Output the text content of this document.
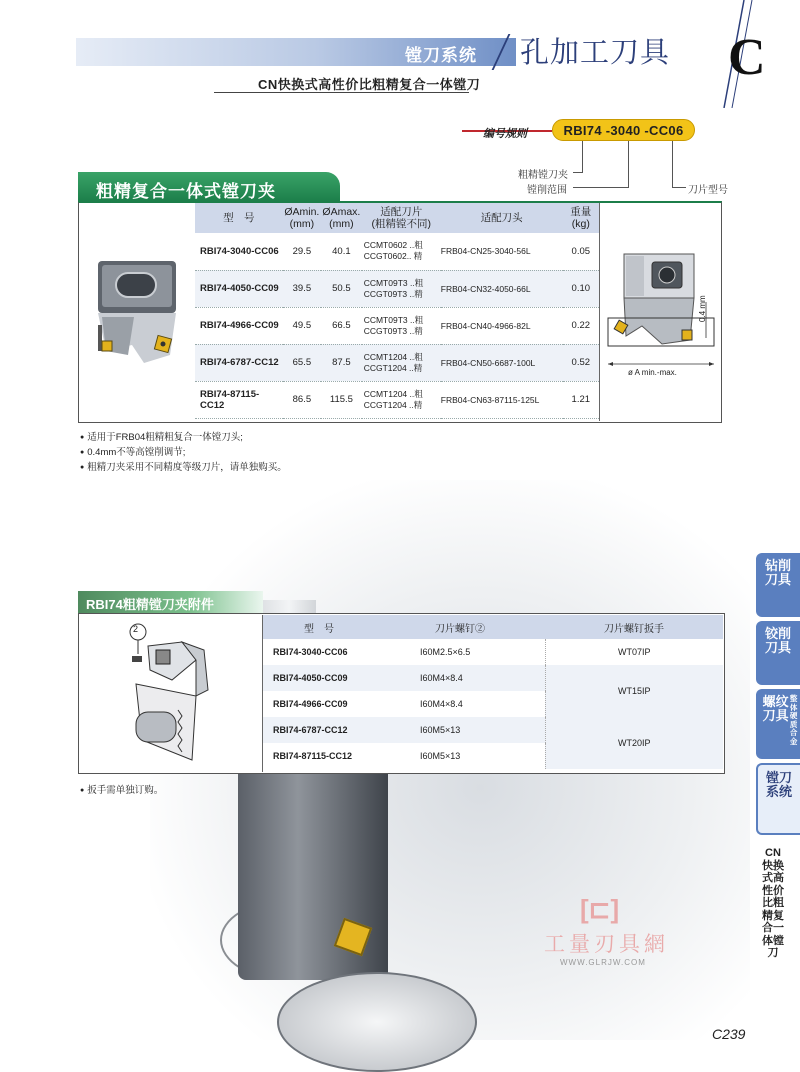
镗刀系统 孔加工刀具 C
CN快换式高性价比粗精复合一体镗刀
编号规则	RBI74 -3040 -CC06
粗精镗刀夹
镗削范围	刀片型号
粗精复合一体式镗刀夹
型　号	ØAmin.
(mm)	ØAmax.
(mm)	适配刀片
(粗精镗不同)	适配刀头	重量
(kg)
RBI74-3040-CC06	29.5	40.1	CCMT0602 ..粗
CCGT0602.. 精	FRB04-CN25-3040-56L	0.05
RBI74-4050-CC09	39.5	50.5	CCMT09T3 ..粗
CCGT09T3 ..精	FRB04-CN32-4050-66L	0.10
RBI74-4966-CC09	49.5	66.5	CCMT09T3 ..粗
CCGT09T3 ..精	FRB04-CN40-4966-82L	0.22
RBI74-6787-CC12	65.5	87.5	CCMT1204 ..粗
CCGT1204 ..精	FRB04-CN50-6687-100L	0.52
RBI74-87115-CC12	86.5	115.5	CCMT1204 ..粗
CCGT1204 ..精	FRB04-CN63-87115-125L	1.21
0.4 mm
ø A min.-max.
● 适用于FRB04粗精粗复合一体镗刀头;
● 0.4mm不等高镗削调节;
● 粗精刀夹采用不同精度等级刀片，请单独购买。
[⊏]
工量刃具網
WWW.GLRJW.COM
RBI74粗精镗刀夹附件
2	型　号	刀片螺钉②	刀片螺钉扳手
RBI74-3040-CC06	I60M2.5×6.5	WT07IP
RBI74-4050-CC09	I60M4×8.4	WT15IP
RBI74-4966-CC09	I60M4×8.4	
RBI74-6787-CC12	I60M5×13	WT20IP
RBI74-87115-CC12	I60M5×13	
● 扳手需单独订购。
钻削刀具
铰削刀具
螺纹刀具
整体硬质合金
镗刀系统
CN快换式高性价比粗精复合一体镗刀
C239
